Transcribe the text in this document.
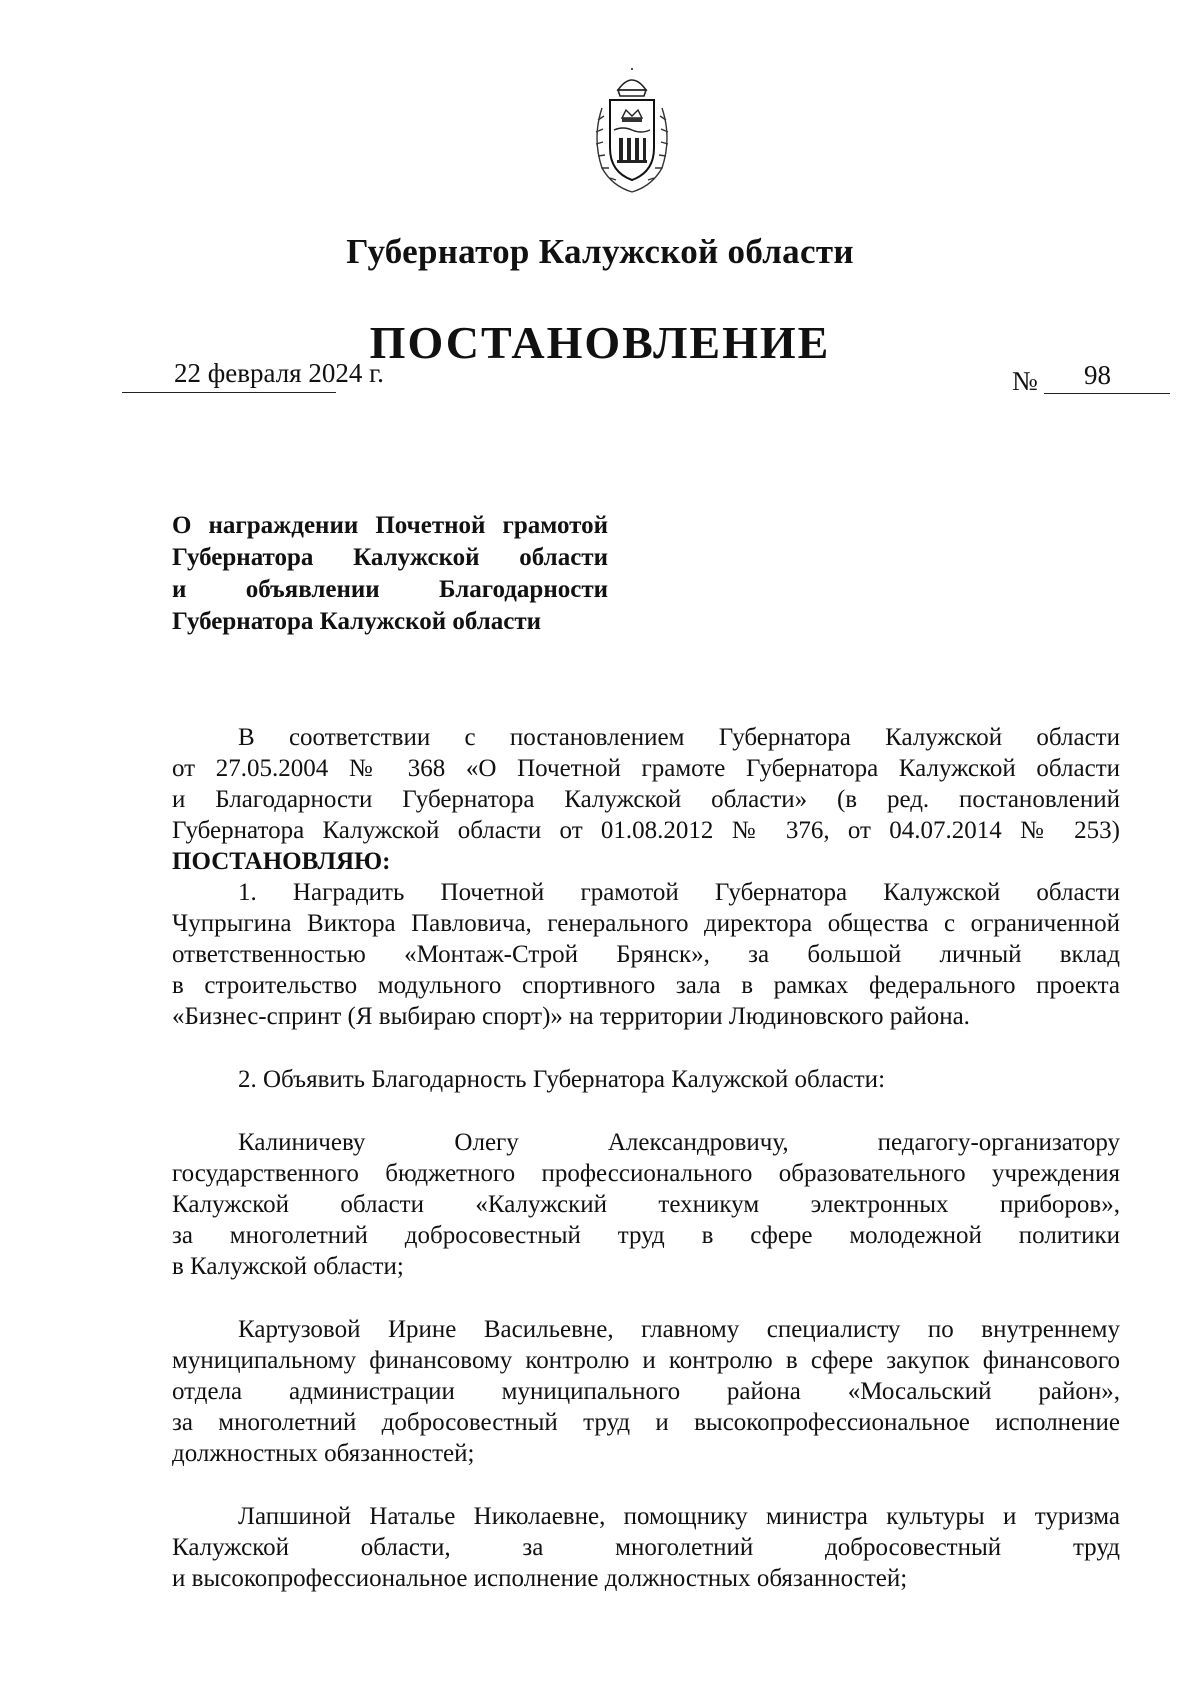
Губернатор Калужской области
ПОСТАНОВЛЕНИЕ
22 февраля 2024 г.	№ 98
О награждении Почетной грамотой
Губернатора Калужской области
и объявлении Благодарности
Губернатора Калужской области
В соответствии с постановлением Губернатора Калужской области
от 27.05.2004 № 368 «О Почетной грамоте Губернатора Калужской области
и Благодарности Губернатора Калужской области» (в ред. постановлений
Губернатора Калужской области от 01.08.2012 № 376, от 04.07.2014 № 253)
ПОСТАНОВЛЯЮ:
1. Наградить Почетной грамотой Губернатора Калужской области
Чупрыгина Виктора Павловича, генерального директора общества с ограниченной
ответственностью «Монтаж-Строй Брянск», за большой личный вклад
в строительство модульного спортивного зала в рамках федерального проекта
«Бизнес-спринт (Я выбираю спорт)» на территории Людиновского района.
2. Объявить Благодарность Губернатора Калужской области:
Калиничеву Олегу Александровичу, педагогу-организатору
государственного бюджетного профессионального образовательного учреждения
Калужской области «Калужский техникум электронных приборов»,
за многолетний добросовестный труд в сфере молодежной политики
в Калужской области;
Картузовой Ирине Васильевне, главному специалисту по внутреннему
муниципальному финансовому контролю и контролю в сфере закупок финансового
отдела администрации муниципального района «Мосальский район»,
за многолетний добросовестный труд и высокопрофессиональное исполнение
должностных обязанностей;
Лапшиной Наталье Николаевне, помощнику министра культуры и туризма
Калужской области, за многолетний добросовестный труд
и высокопрофессиональное исполнение должностных обязанностей;
